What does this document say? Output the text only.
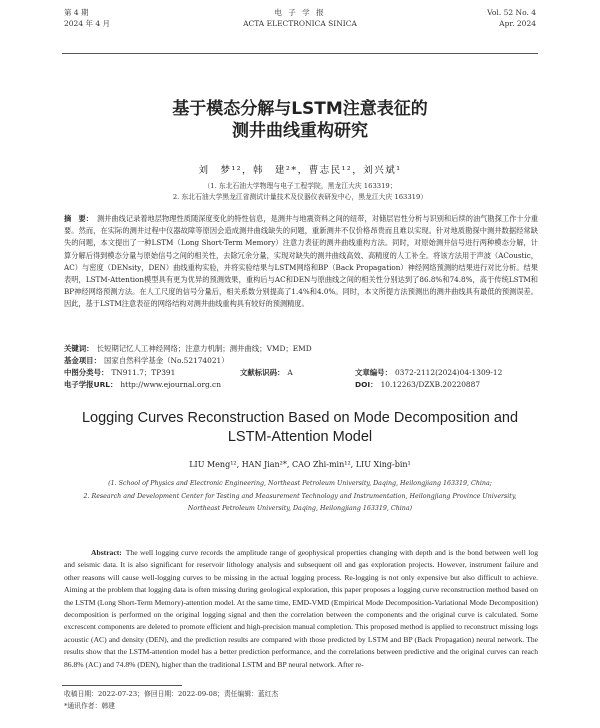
第 4 期
2024 年 4 月
电 子 学 报
ACTA ELECTRONICA SINICA
Vol. 52 No. 4
Apr. 2024
基于模态分解与LSTM注意表征的
测井曲线重构研究
刘　梦¹²，韩　建²*，曹志民¹²，刘兴斌¹
（1. 东北石油大学物理与电子工程学院，黑龙江大庆 163319；
2. 东北石油大学黑龙江省测试计量技术及仪器仪表研发中心，黑龙江大庆 163319）
摘　要： 测井曲线记录着地层物理性质随深度变化的特性信息，是测井与地震资料之间的纽带，对储层岩性分析与识别和后续的油气勘探工作十分重要。然而，在实际的测井过程中仪器故障等原因会造成测井曲线缺失的问题，重新测井不仅价格昂贵而且难以实现。针对地质勘探中测井数据经常缺失的问题，本文提出了一种LSTM（Long Short-Term Memory）注意力表征的测井曲线重构方法。同时，对原始测井信号进行两种模态分解，计算分解后得到模态分量与原始信号之间的相关性，去除冗余分量，实现对缺失的测井曲线高效、高精度的人工补全。将该方法用于声波（ACoustic，AC）与密度（DENsity，DEN）曲线重构实验，并将实验结果与LSTM网络和BP（Back Propagation）神经网络预测的结果进行对比分析。结果表明，LSTM-Attention模型具有更为优异的预测效果，重构后与AC和DEN与原曲线之间的相关性分别达到了86.8%和74.8%，高于传统LSTM和BP神经网络预测方法。在人工尺度的信号分量后，相关系数分别提高了1.4%和4.0%。同时，本文所提方法预测出的测井曲线具有最低的预测误差。因此，基于LSTM注意表征的网络结构对测井曲线重构具有较好的预测精度。
关键词： 长短期记忆人工神经网络；注意力机制；测井曲线；VMD；EMD
基金项目： 国家自然科学基金（No.52174021）
中图分类号： TN911.7；TP391	文献标识码： A	文章编号： 0372-2112(2024)04-1309-12
电子学报URL： http://www.ejournal.org.cn	DOI： 10.12263/DZXB.20220887
Logging Curves Reconstruction Based on Mode Decomposition and
LSTM-Attention Model
LIU Meng¹², HAN Jian²*, CAO Zhi-min¹², LIU Xing-bin¹
(1. School of Physics and Electronic Engineering, Northeast Petroleum University, Daqing, Heilongjiang 163319, China;
2. Research and Development Center for Testing and Measurement Technology and Instrumentation, Heilongjiang Province University,
Northeast Petroleum University, Daqing, Heilongjiang 163319, China)
Abstract: The well logging curve records the amplitude range of geophysical properties changing with depth and is the bond between well log and seismic data. It is also significant for reservoir lithology analysis and subsequent oil and gas exploration projects. However, instrument failure and other reasons will cause well-logging curves to be missing in the actual logging process. Re-logging is not only expensive but also difficult to achieve. Aiming at the problem that logging data is often missing during geological exploration, this paper proposes a logging curve reconstruction method based on the LSTM (Long Short-Term Memory)-attention model. At the same time, EMD-VMD (Empirical Mode Decomposition-Variational Mode Decomposition) decomposition is performed on the original logging signal and then the correlation between the components and the original curve is calculated. Some excrescent components are deleted to promote efficient and high-precision manual completion. This proposed method is applied to reconstruct missing logs acoustic (AC) and density (DEN), and the prediction results are compared with those predicted by LSTM and BP (Back Propagation) neural network. The results show that the LSTM-attention model has a better prediction performance, and the correlations between predictive and the original curves can reach 86.8% (AC) and 74.8% (DEN), higher than the traditional LSTM and BP neural network. After re-
收稿日期：2022-07-23；修回日期：2022-09-08；责任编辑：蓝红杰
*通讯作者：韩建
